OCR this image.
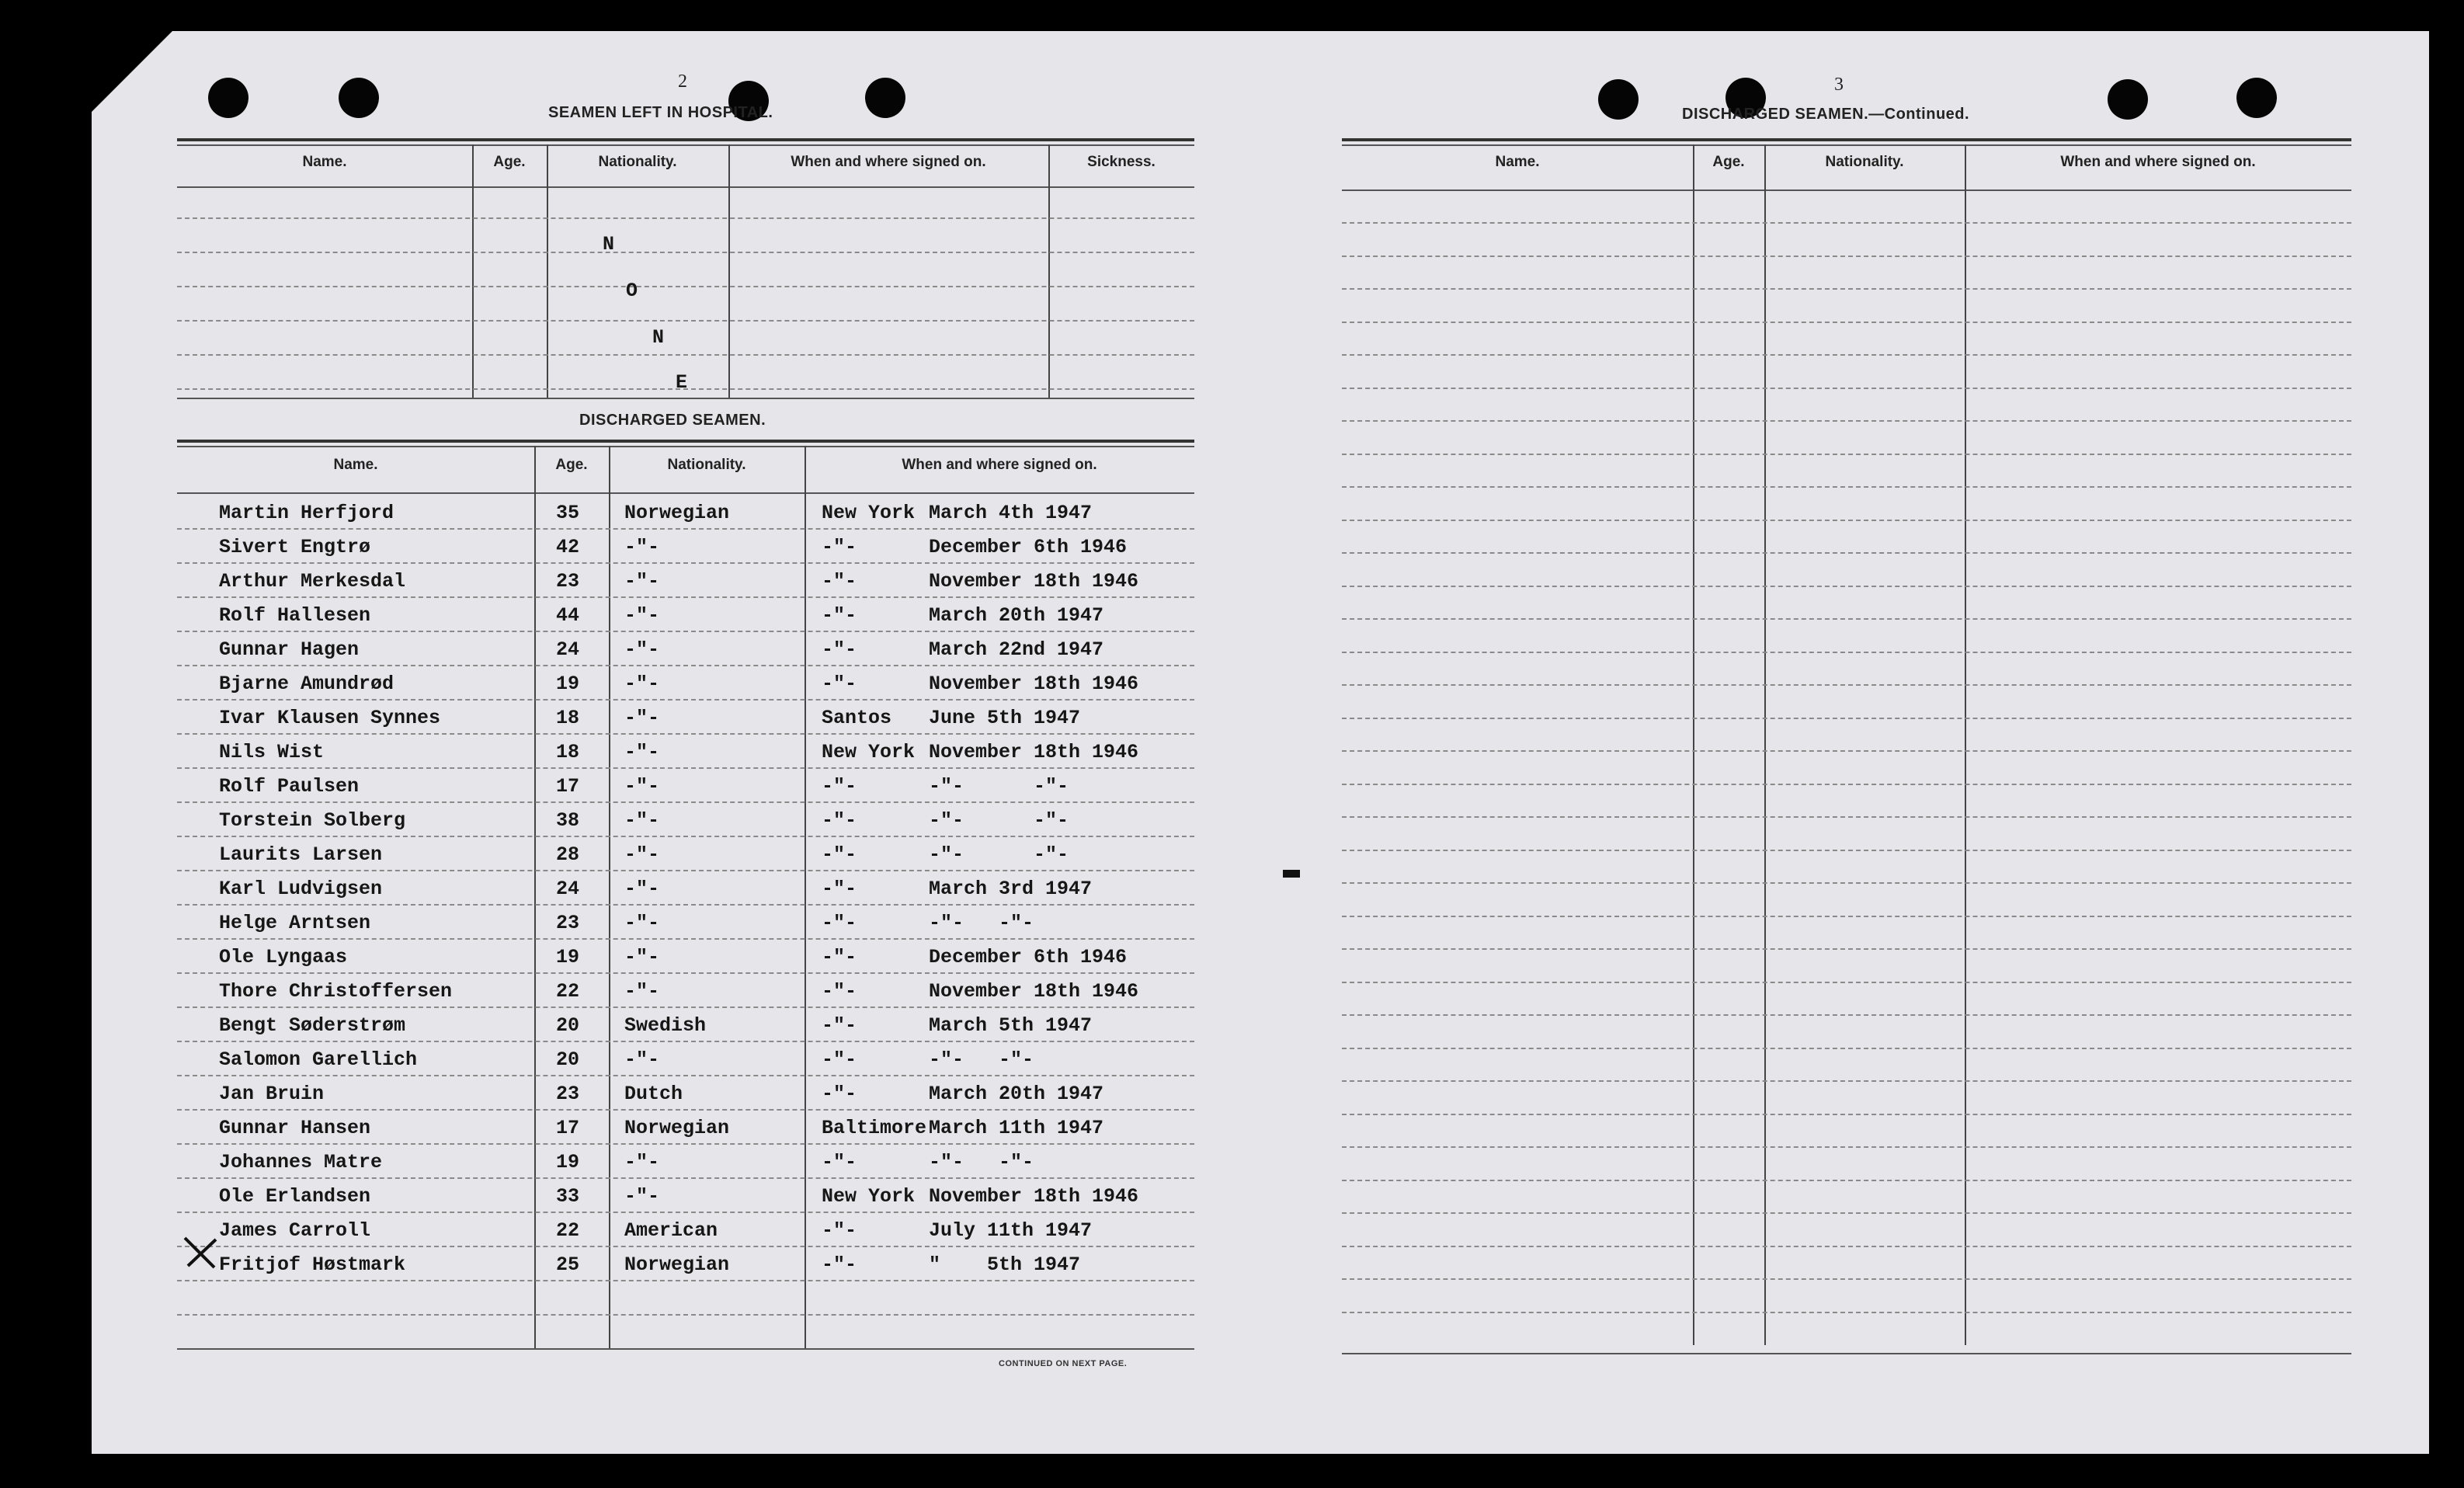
2
SEAMEN LEFT IN HOSPITAL.
Name.	Age.	Nationality.	When and where signed on.	Sickness.
N
O
N
E
DISCHARGED SEAMEN.
Name.	Age.	Nationality.	When and where signed on.
Martin Herfjord	35 Norwegian	New York March 4th 1947
Sivert Engtrø	42 -"-	-"-	December 6th 1946
Arthur Merkesdal	23 -"-	-"-	November 18th 1946
Rolf Hallesen	44 -"-	-"-	March 20th 1947
Gunnar Hagen	24 -"-	-"-	March 22nd 1947
Bjarne Amundrød	19 -"-	-"-	November 18th 1946
Ivar Klausen Synnes	18 -"-	Santos June 5th 1947
Nils Wist	18 -"-	New York November 18th 1946
Rolf Paulsen	17 -"-	-"-	-"-      -"-
Torstein Solberg	38 -"-	-"-	-"-      -"-
Laurits Larsen	28 -"-	-"-	-"-      -"-
Karl Ludvigsen	24 -"-	-"-	March 3rd 1947
Helge Arntsen	23 -"-	-"-	-"-   -"-
Ole Lyngaas	19 -"-	-"-	December 6th 1946
Thore Christoffersen	22 -"-	-"-	November 18th 1946
Bengt Søderstrøm	20 Swedish	-"-	March 5th 1947
Salomon Garellich	20 -"-	-"-	-"-   -"-
Jan Bruin	23 Dutch	-"-	March 20th 1947
Gunnar Hansen	17 Norwegian	Baltimore March 11th 1947
Johannes Matre	19 -"-	-"-	-"-   -"-
Ole Erlandsen	33 -"-	New York November 18th 1946
James Carroll	22 American	-"-	July 11th 1947
Fritjof Høstmark	25 Norwegian	-"-	"    5th 1947
CONTINUED ON NEXT PAGE.
3
DISCHARGED SEAMEN.—Continued.
Name.	Age.	Nationality.	When and where signed on.
